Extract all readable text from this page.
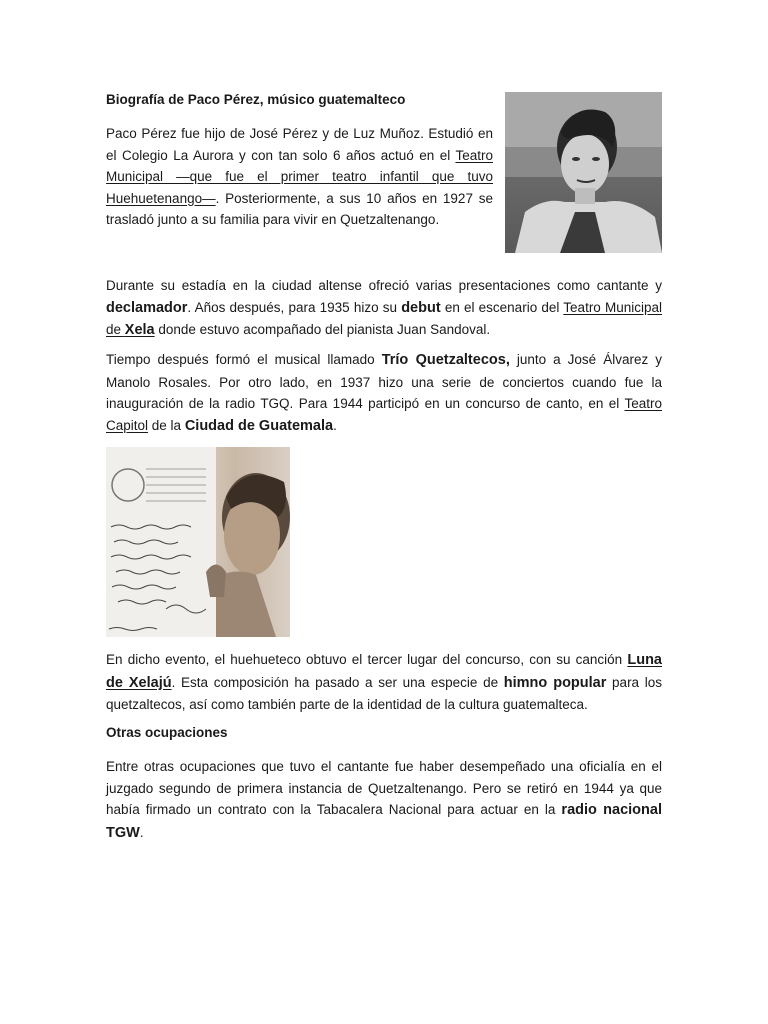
Biografía de Paco Pérez, músico guatemalteco

Paco Pérez fue hijo de José Pérez y de Luz Muñoz. Estudió en el Colegio La Aurora y con tan solo 6 años actuó en el Teatro Municipal —que fue el primer teatro infantil que tuvo Huehuetenango—. Posteriormente, a sus 10 años en 1927 se trasladó junto a su familia para vivir en Quetzaltenango.

Durante su estadía en la ciudad altense ofreció varias presentaciones como cantante y declamador. Años después, para 1935 hizo su debut en el escenario del Teatro Municipal de Xela donde estuvo acompañado del pianista Juan Sandoval.

Tiempo después formó el musical llamado Trío Quetzaltecos, junto a José Álvarez y Manolo Rosales. Por otro lado, en 1937 hizo una serie de conciertos cuando fue la inauguración de la radio TGQ. Para 1944 participó en un concurso de canto, en el Teatro Capitol de la Ciudad de Guatemala.

En dicho evento, el huehueteco obtuvo el tercer lugar del concurso, con su canción Luna de Xelajú. Esta composición ha pasado a ser una especie de himno popular para los quetzaltecos, así como también parte de la identidad de la cultura guatemalteca.

Otras ocupaciones

Entre otras ocupaciones que tuvo el cantante fue haber desempeñado una oficialía en el juzgado segundo de primera instancia de Quetzaltenango. Pero se retiró en 1944 ya que había firmado un contrato con la Tabacalera Nacional para actuar en la radio nacional TGW.
